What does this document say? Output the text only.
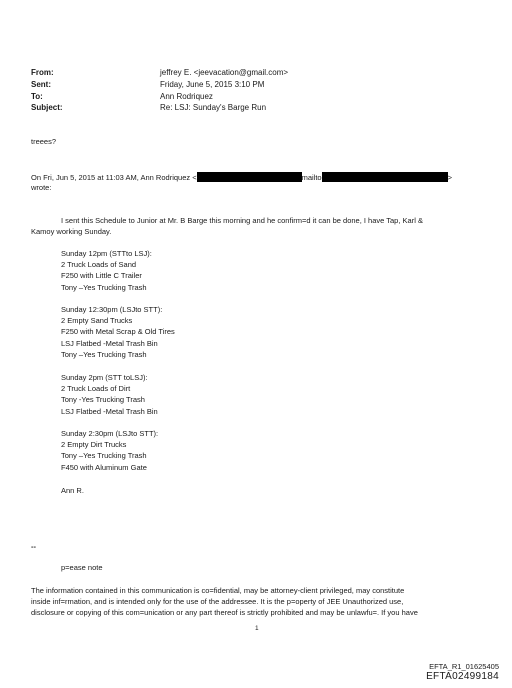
From:	jeffrey E. <jeevacation@gmail.com>
Sent:	Friday, June 5, 2015 3:10 PM
To:	Ann Rodriquez
Subject:	Re: LSJ: Sunday's Barge Run
treees?
On Fri, Jun 5, 2015 at 11:03 AM, Ann Rodriquez <	mailto	>
wrote:
I sent this Schedule to Junior at Mr. B Barge this morning and he confirm=d it can be done, I have Tap, Karl &
Kamoy working Sunday.
Sunday 12pm (STTto LSJ):
2 Truck Loads of Sand
F250 with Little C Trailer
Tony –Yes Trucking Trash
Sunday 12:30pm (LSJto STT):
2 Empty Sand Trucks
F250 with Metal Scrap & Old Tires
LSJ Flatbed -Metal Trash Bin
Tony –Yes Trucking Trash
Sunday 2pm (STT toLSJ):
2 Truck Loads of Dirt
Tony -Yes Trucking Trash
LSJ Flatbed -Metal Trash Bin
Sunday 2:30pm (LSJto STT):
2 Empty Dirt Trucks
Tony –Yes Trucking Trash
F450 with Aluminum Gate
Ann R.
--
p=ease note
The information contained in this communication is co=fidential, may be attorney-client privileged, may constitute
inside inf=rmation, and is intended only for the use of the addressee. It is the p=operty of JEE Unauthorized use,
disclosure or copying of this com=unication or any part thereof is strictly prohibited and may be unlawfu=. If you have
1
EFTA_R1_01625405
EFTA02499184
